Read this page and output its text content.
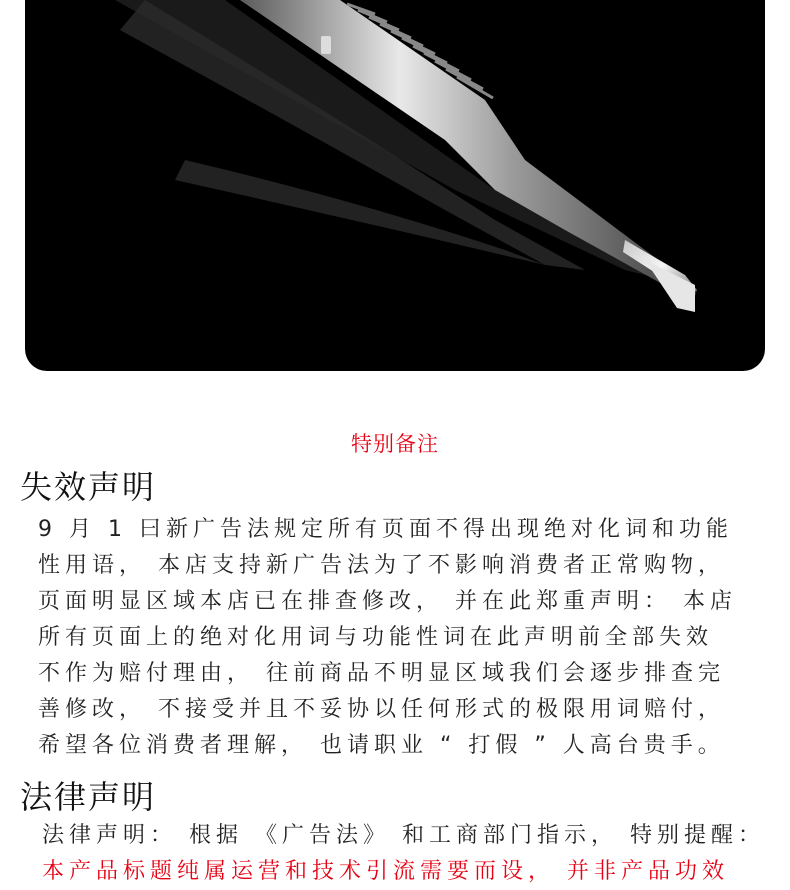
特别备注
失效声明

9 月 1 曰新广告法规定所有页面不得出现绝对化词和功能

性用语， 本店支持新广告法为了不影响消费者正常购物，

页面明显区域本店已在排查修改， 并在此郑重声明： 本店

所有页面上的绝对化用词与功能性词在此声明前全部失效

不作为赔付理由， 往前商品不明显区域我们会逐步排查完

善修改， 不接受并且不妥协以任何形式的极限用词赔付，

希望各位消费者理解， 也请职业 “ 打假 ” 人高台贵手。

法律声明

法律声明： 根据 《广告法》 和工商部门指示， 特别提醒：

本产品标题纯属运营和技术引流需要而设， 并非产品功效
